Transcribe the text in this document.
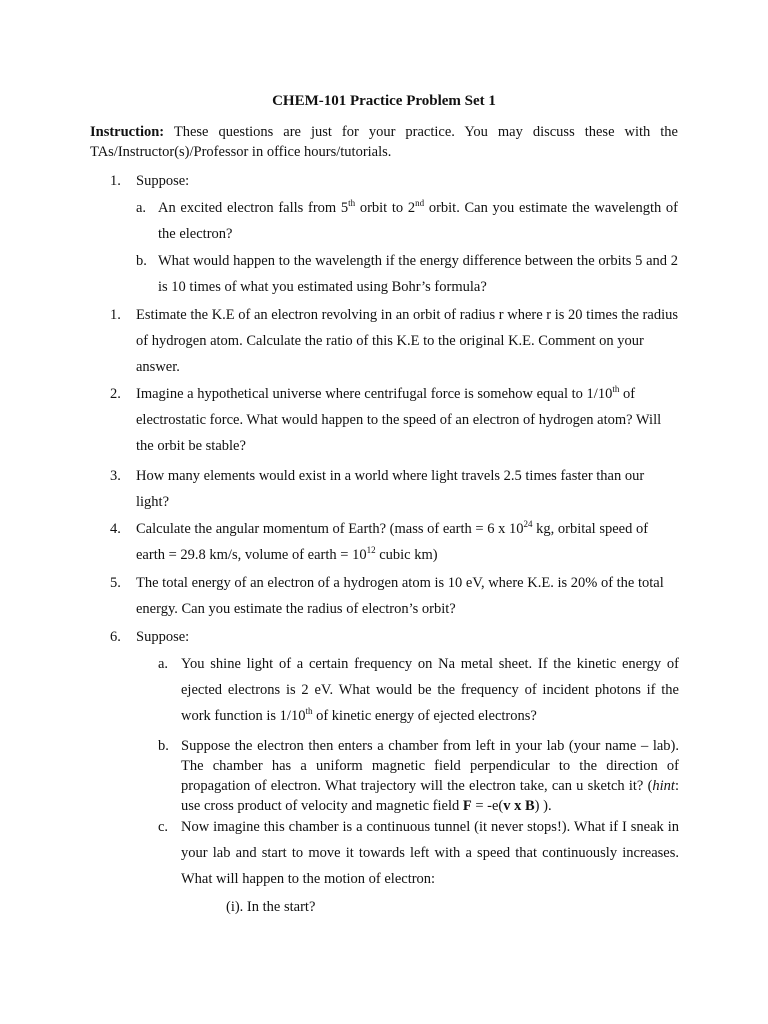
CHEM-101 Practice Problem Set 1
Instruction: These questions are just for your practice. You may discuss these with the TAs/Instructor(s)/Professor in office hours/tutorials.
1.	Suppose:
a. An excited electron falls from 5th orbit to 2nd orbit. Can you estimate the wavelength of the electron?
b. What would happen to the wavelength if the energy difference between the orbits 5 and 2 is 10 times of what you estimated using Bohr’s formula?
1.	Estimate the K.E of an electron revolving in an orbit of radius r where r is 20 times the radius of hydrogen atom. Calculate the ratio of this K.E to the original K.E. Comment on your answer.
2.	Imagine a hypothetical universe where centrifugal force is somehow equal to 1/10th of electrostatic force. What would happen to the speed of an electron of hydrogen atom? Will the orbit be stable?
3.	How many elements would exist in a world where light travels 2.5 times faster than our light?
4.	Calculate the angular momentum of Earth? (mass of earth = 6 x $10^{24}$ kg, orbital speed of earth = 29.8 km/s, volume of earth = $10^{12}$ cubic km)
5.	The total energy of an electron of a hydrogen atom is 10 eV, where K.E. is 20% of the total energy. Can you estimate the radius of electron’s orbit?
6.	Suppose:
a. You shine light of a certain frequency on Na metal sheet. If the kinetic energy of ejected electrons is 2 eV. What would be the frequency of incident photons if the work function is 1/10th of kinetic energy of ejected electrons?
b. Suppose the electron then enters a chamber from left in your lab (your name – lab). The chamber has a uniform magnetic field perpendicular to the direction of propagation of electron. What trajectory will the electron take, can u sketch it? (hint: use cross product of velocity and magnetic field F = -e(v x B) ).
c. Now imagine this chamber is a continuous tunnel (it never stops!). What if I sneak in your lab and start to move it towards left with a speed that continuously increases. What will happen to the motion of electron:
(i). In the start?
